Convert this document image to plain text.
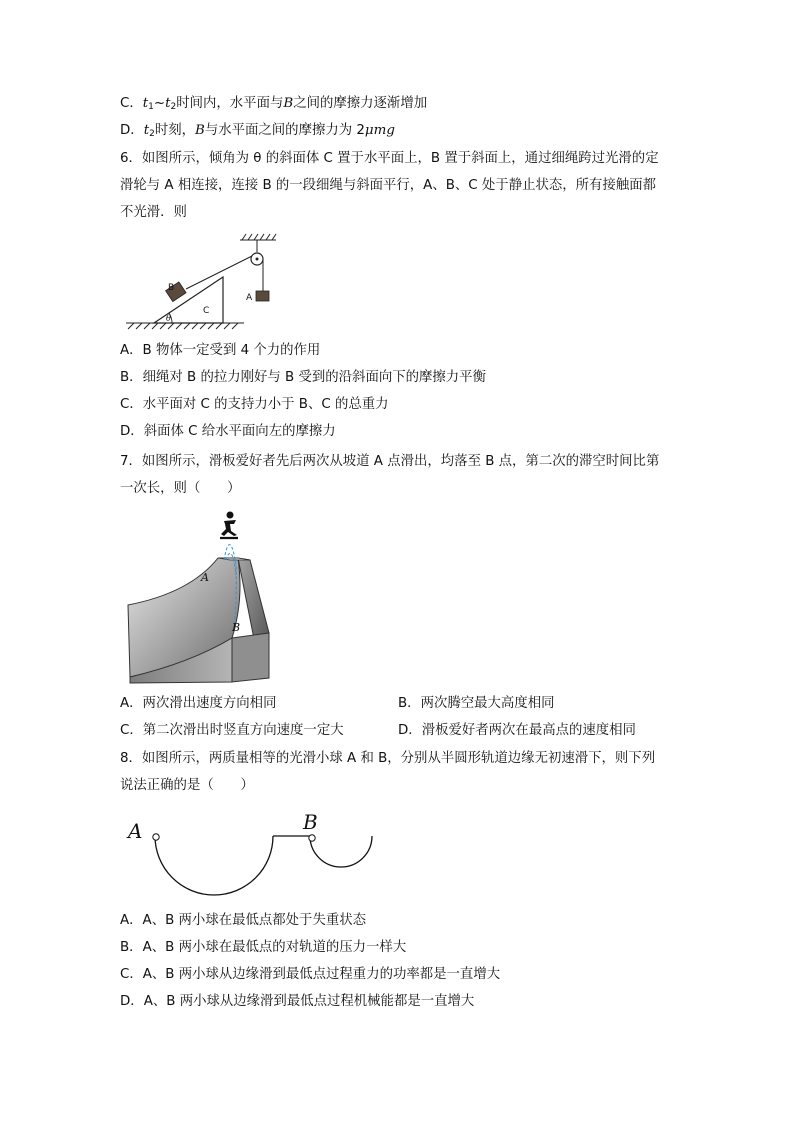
C．$t_1\sim t_2$时间内，水平面与B之间的摩擦力逐渐增加
D．$t_2$时刻，B与水平面之间的摩擦力为 2μmg
6．如图所示，倾角为 θ 的斜面体 C 置于水平面上，B 置于斜面上，通过细绳跨过光滑的定
滑轮与 A 相连接，连接 B 的一段细绳与斜面平行，A、B、C 处于静止状态，所有接触面都
不光滑．则
B
A
C
θ
A．B 物体一定受到 4 个力的作用
B．细绳对 B 的拉力刚好与 B 受到的沿斜面向下的摩擦力平衡
C．水平面对 C 的支持力小于 B、C 的总重力
D．斜面体 C 给水平面向左的摩擦力
7．如图所示，滑板爱好者先后两次从坡道 A 点滑出，均落至 B 点，第二次的滞空时间比第
一次长，则（　　）
A
B
A．两次滑出速度方向相同	B．两次腾空最大高度相同
C．第二次滑出时竖直方向速度一定大	D．滑板爱好者两次在最高点的速度相同
8．如图所示，两质量相等的光滑小球 A 和 B，分别从半圆形轨道边缘无初速滑下，则下列
说法正确的是（　　）
A	B
A．A、B 两小球在最低点都处于失重状态
B．A、B 两小球在最低点的对轨道的压力一样大
C．A、B 两小球从边缘滑到最低点过程重力的功率都是一直增大
D．A、B 两小球从边缘滑到最低点过程机械能都是一直增大
